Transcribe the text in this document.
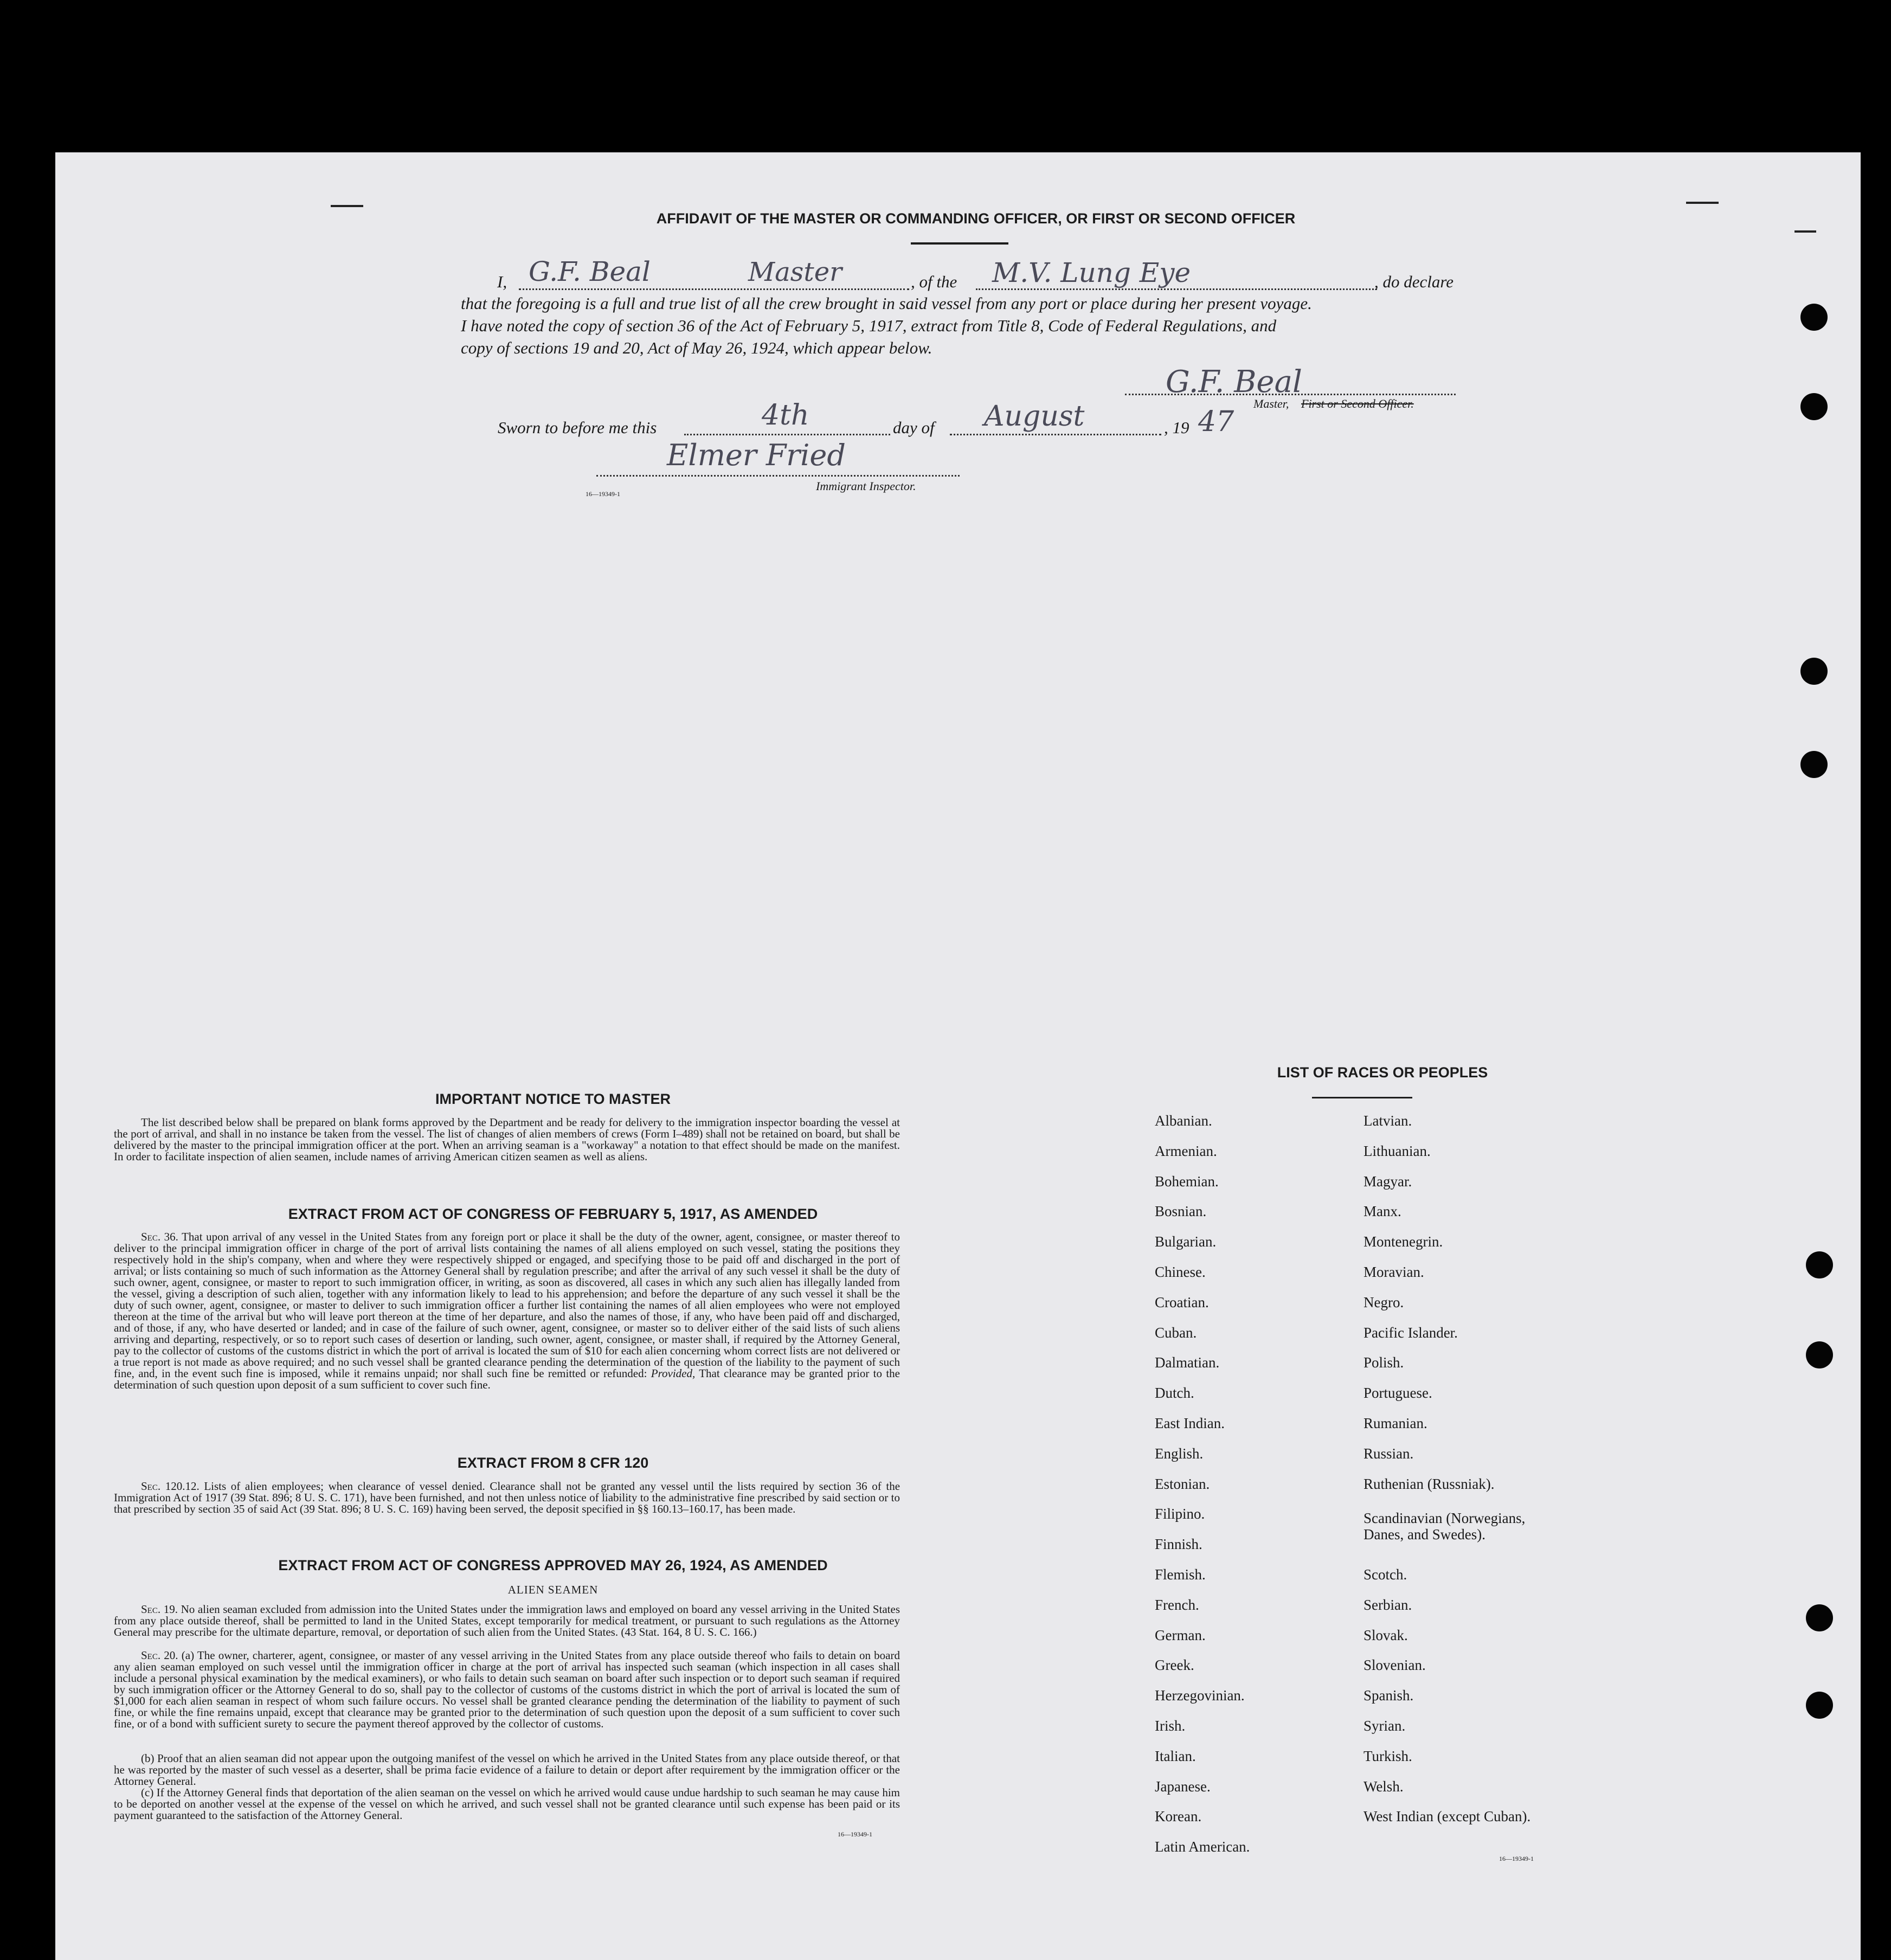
AFFIDAVIT OF THE MASTER OR COMMANDING OFFICER, OR FIRST OR SECOND OFFICER
I, G.F. Beal	Master	, of the M.V. Lung Eye	, do declare
that the foregoing is a full and true list of all the crew brought in said vessel from any port or place during her present voyage.
I have noted the copy of section 36 of the Act of February 5, 1917, extract from Title 8, Code of Federal Regulations, and
copy of sections 19 and 20, Act of May 26, 1924, which appear below.
G.F. Beal
Master, First or Second Officer.
Sworn to before me this	4th	day of August	, 19 47
Elmer Fried
16—19349-1
Immigrant Inspector.
IMPORTANT NOTICE TO MASTER

The list described below shall be prepared on blank forms approved by the Department and be ready for delivery to the immigration inspector boarding the vessel at the port of arrival, and shall in no instance be taken from the vessel. The list of changes of alien members of crews (Form I–489) shall not be retained on board, but shall be delivered by the master to the principal immigration officer at the port. When an arriving seaman is a "workaway" a notation to that effect should be made on the manifest. In order to facilitate inspection of alien seamen, include names of arriving American citizen seamen as well as aliens.

EXTRACT FROM ACT OF CONGRESS OF FEBRUARY 5, 1917, AS AMENDED

Sec. 36. That upon arrival of any vessel in the United States from any foreign port or place it shall be the duty of the owner, agent, consignee, or master thereof to deliver to the principal immigration officer in charge of the port of arrival lists containing the names of all aliens employed on such vessel, stating the positions they respectively hold in the ship's company, when and where they were respectively shipped or engaged, and specifying those to be paid off and discharged in the port of arrival; or lists containing so much of such information as the Attorney General shall by regulation prescribe; and after the arrival of any such vessel it shall be the duty of such owner, agent, consignee, or master to report to such immigration officer, in writing, as soon as discovered, all cases in which any such alien has illegally landed from the vessel, giving a description of such alien, together with any information likely to lead to his apprehension; and before the departure of any such vessel it shall be the duty of such owner, agent, consignee, or master to deliver to such immigration officer a further list containing the names of all alien employees who were not employed thereon at the time of the arrival but who will leave port thereon at the time of her departure, and also the names of those, if any, who have been paid off and discharged, and of those, if any, who have deserted or landed; and in case of the failure of such owner, agent, consignee, or master so to deliver either of the said lists of such aliens arriving and departing, respectively, or so to report such cases of desertion or landing, such owner, agent, consignee, or master shall, if required by the Attorney General, pay to the collector of customs of the customs district in which the port of arrival is located the sum of $10 for each alien concerning whom correct lists are not delivered or a true report is not made as above required; and no such vessel shall be granted clearance pending the determination of the question of the liability to the payment of such fine, and, in the event such fine is imposed, while it remains unpaid; nor shall such fine be remitted or refunded: Provided, That clearance may be granted prior to the determination of such question upon deposit of a sum sufficient to cover such fine.

EXTRACT FROM 8 CFR 120

Sec. 120.12. Lists of alien employees; when clearance of vessel denied. Clearance shall not be granted any vessel until the lists required by section 36 of the Immigration Act of 1917 (39 Stat. 896; 8 U. S. C. 171), have been furnished, and not then unless notice of liability to the administrative fine prescribed by said section or to that prescribed by section 35 of said Act (39 Stat. 896; 8 U. S. C. 169) having been served, the deposit specified in §§ 160.13–160.17, has been made.

EXTRACT FROM ACT OF CONGRESS APPROVED MAY 26, 1924, AS AMENDED
ALIEN SEAMEN

Sec. 19. No alien seaman excluded from admission into the United States under the immigration laws and employed on board any vessel arriving in the United States from any place outside thereof, shall be permitted to land in the United States, except temporarily for medical treatment, or pursuant to such regulations as the Attorney General may prescribe for the ultimate departure, removal, or deportation of such alien from the United States. (43 Stat. 164, 8 U. S. C. 166.)

Sec. 20. (a) The owner, charterer, agent, consignee, or master of any vessel arriving in the United States from any place outside thereof who fails to detain on board any alien seaman employed on such vessel until the immigration officer in charge at the port of arrival has inspected such seaman (which inspection in all cases shall include a personal physical examination by the medical examiners), or who fails to detain such seaman on board after such inspection or to deport such seaman if required by such immigration officer or the Attorney General to do so, shall pay to the collector of customs of the customs district in which the port of arrival is located the sum of $1,000 for each alien seaman in respect of whom such failure occurs. No vessel shall be granted clearance pending the determination of the liability to payment of such fine, or while the fine remains unpaid, except that clearance may be granted prior to the determination of such question upon the deposit of a sum sufficient to cover such fine, or of a bond with sufficient surety to secure the payment thereof approved by the collector of customs.

(b) Proof that an alien seaman did not appear upon the outgoing manifest of the vessel on which he arrived in the United States from any place outside thereof, or that he was reported by the master of such vessel as a deserter, shall be prima facie evidence of a failure to detain or deport after requirement by the immigration officer or the Attorney General.

(c) If the Attorney General finds that deportation of the alien seaman on the vessel on which he arrived would cause undue hardship to such seaman he may cause him to be deported on another vessel at the expense of the vessel on which he arrived, and such vessel shall not be granted clearance until such expense has been paid or its payment guaranteed to the satisfaction of the Attorney General.

16—19349-1
LIST OF RACES OR PEOPLES
Albanian.
Armenian.
Bohemian.
Bosnian.
Bulgarian.
Chinese.
Croatian.
Cuban.
Dalmatian.
Dutch.
East Indian.
English.
Estonian.
Filipino.
Finnish.
Flemish.
French.
German.
Greek.
Herzegovinian.
Irish.
Italian.
Japanese.
Korean.
Latin American.
Latvian.
Lithuanian.
Magyar.
Manx.
Montenegrin.
Moravian.
Negro.
Pacific Islander.
Polish.
Portuguese.
Rumanian.
Russian.
Ruthenian (Russniak).
Scandinavian (Norwegians, Danes, and Swedes).
Scotch.
Serbian.
Slovak.
Slovenian.
Spanish.
Syrian.
Turkish.
Welsh.
West Indian (except Cuban).
16—19349-1
